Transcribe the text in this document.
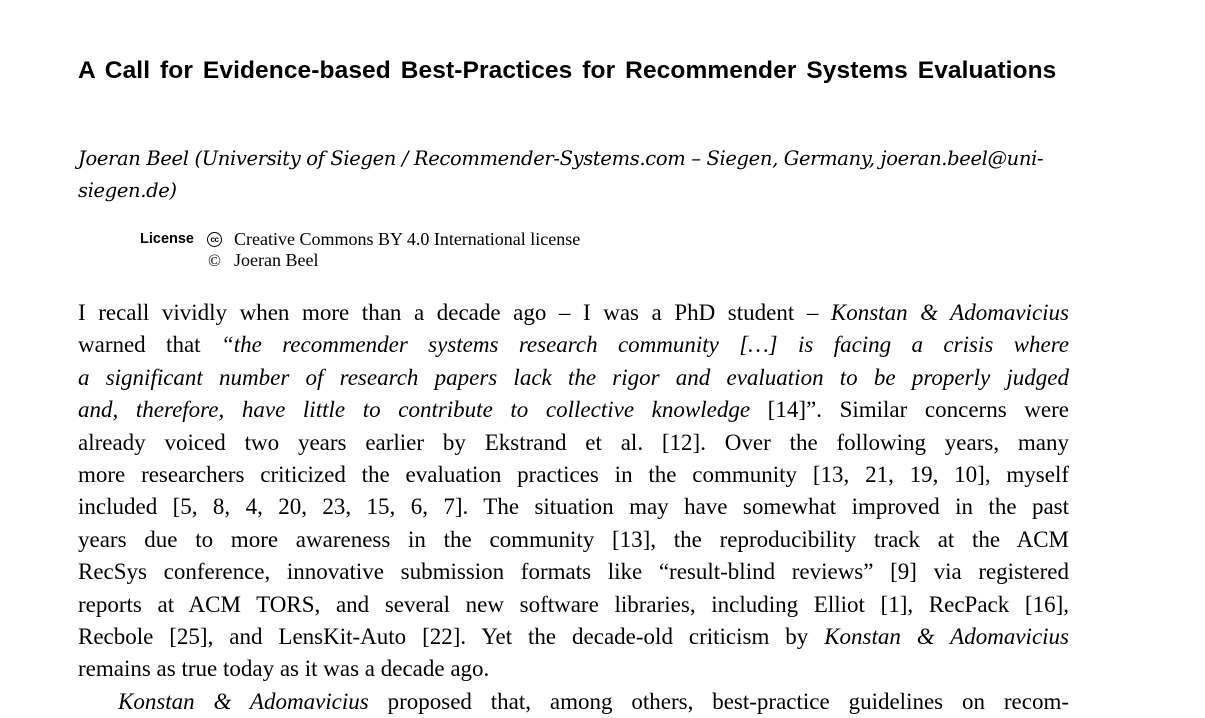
A Call for Evidence-based Best-Practices for Recommender Systems Evaluations
Joeran Beel (University of Siegen / Recommender-Systems.com – Siegen, Germany, joeran.beel@uni-
siegen.de)
License	cc Creative Commons BY 4.0 International license
© Joeran Beel
I recall vividly when more than a decade ago – I was a PhD student – Konstan & Adomavicius
warned that “the recommender systems research community […] is facing a crisis where
a significant number of research papers lack the rigor and evaluation to be properly judged
and, therefore, have little to contribute to collective knowledge [14]”. Similar concerns were
already voiced two years earlier by Ekstrand et al. [12]. Over the following years, many
more researchers criticized the evaluation practices in the community [13, 21, 19, 10], myself
included [5, 8, 4, 20, 23, 15, 6, 7]. The situation may have somewhat improved in the past
years due to more awareness in the community [13], the reproducibility track at the ACM
RecSys conference, innovative submission formats like “result-blind reviews” [9] via registered
reports at ACM TORS, and several new software libraries, including Elliot [1], RecPack [16],
Recbole [25], and LensKit-Auto [22]. Yet the decade-old criticism by Konstan & Adomavicius
remains as true today as it was a decade ago.
Konstan & Adomavicius proposed that, among others, best-practice guidelines on recom-
